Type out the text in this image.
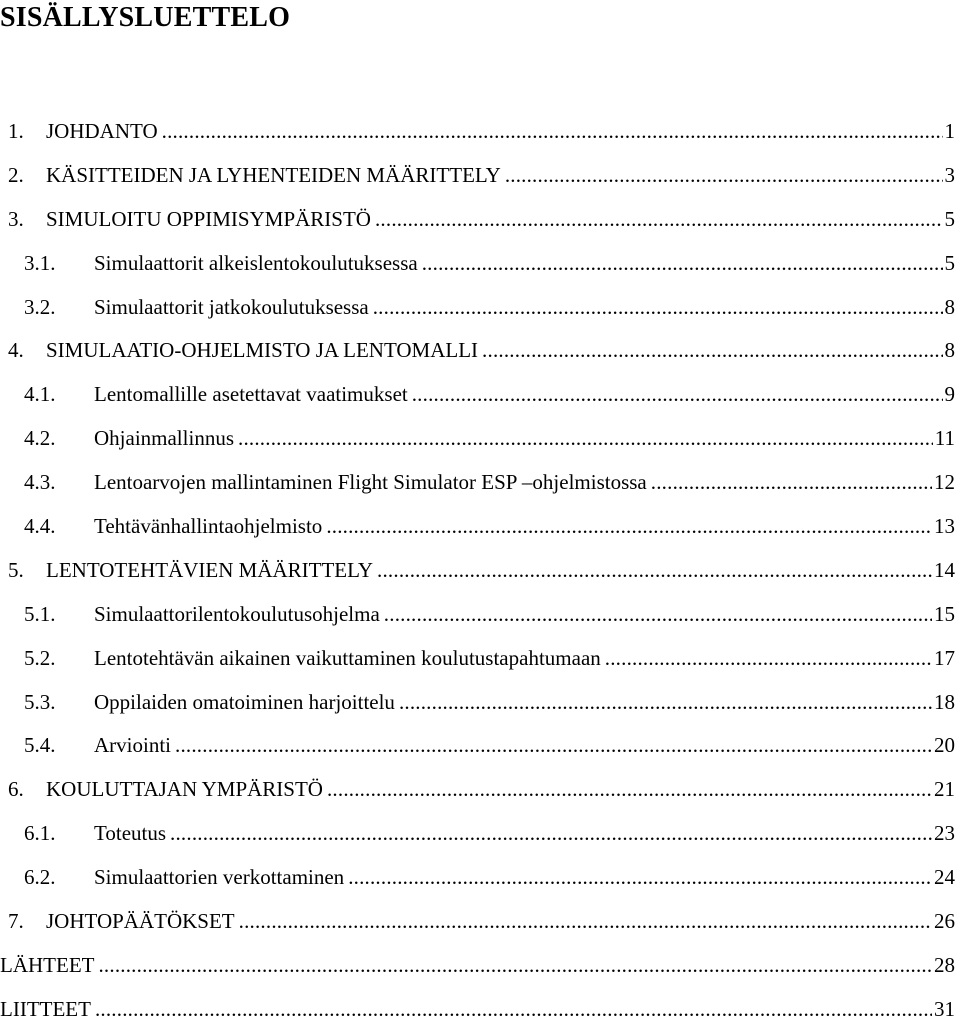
SISÄLLYSLUETTELO
1.	JOHDANTO .....	1
2.	KÄSITTEIDEN JA LYHENTEIDEN MÄÄRITTELY .....	3
3.	SIMULOITU OPPIMISYMPÄRISTÖ .....	5
3.1.	Simulaattorit alkeislentokoulutuksessa .....	5
3.2.	Simulaattorit jatkokoulutuksessa .....	8
4.	SIMULAATIO-OHJELMISTO JA LENTOMALLI .....	8
4.1.	Lentomallille asetettavat vaatimukset .....	9
4.2.	Ohjainmallinnus .....	11
4.3.	Lentoarvojen mallintaminen Flight Simulator ESP –ohjelmistossa .....	12
4.4.	Tehtävänhallintaohjelmisto .....	13
5.	LENTOTEHTÄVIEN MÄÄRITTELY .....	14
5.1.	Simulaattorilentokoulutusohjelma .....	15
5.2.	Lentotehtävän aikainen vaikuttaminen koulutustapahtumaan .....	17
5.3.	Oppilaiden omatoiminen harjoittelu .....	18
5.4.	Arviointi .....	20
6.	KOULUTTAJAN YMPÄRISTÖ .....	21
6.1.	Toteutus .....	23
6.2.	Simulaattorien verkottaminen .....	24
7.	JOHTOPÄÄTÖKSET .....	26
LÄHTEET .....	28
LIITTEET .....	31
